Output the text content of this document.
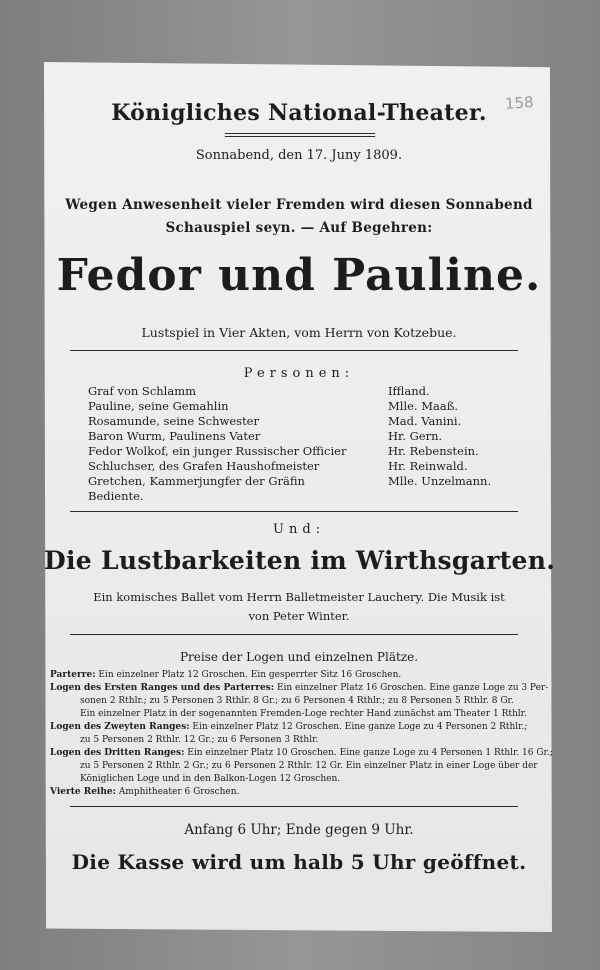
158
Königliches National-Theater.
Sonnabend, den 17. Juny 1809.
Wegen Anwesenheit vieler Fremden wird diesen Sonnabend
Schauspiel seyn. — Auf Begehren:
Fedor und Pauline.
Lustspiel in Vier Akten, vom Herrn von Kotzebue.
Personen:
Graf von Schlamm	Iffland.
Pauline, seine Gemahlin	Mlle. Maaß.
Rosamunde, seine Schwester	Mad. Vanini.
Baron Wurm, Paulinens Vater	Hr. Gern.
Fedor Wolkof, ein junger Russischer Officier	Hr. Rebenstein.
Schluchser, des Grafen Haushofmeister	Hr. Reinwald.
Gretchen, Kammerjungfer der Gräfin	Mlle. Unzelmann.
Bediente.
Und:
Die Lustbarkeiten im Wirthsgarten.
Ein komisches Ballet vom Herrn Balletmeister Lauchery. Die Musik ist
von Peter Winter.
Preise der Logen und einzelnen Plätze.
Parterre: Ein einzelner Platz 12 Groschen. Ein gesperrter Sitz 16 Groschen.
Logen des Ersten Ranges und des Parterres: Ein einzelner Platz 16 Groschen. Eine ganze Loge zu 3 Per-
sonen 2 Rthlr.; zu 5 Personen 3 Rthlr. 8 Gr.; zu 6 Personen 4 Rthlr.; zu 8 Personen 5 Rthlr. 8 Gr.
Ein einzelner Platz in der sogenannten Fremden-Loge rechter Hand zunächst am Theater 1 Rthlr.
Logen des Zweyten Ranges: Ein einzelner Platz 12 Groschen. Eine ganze Loge zu 4 Personen 2 Rthlr.;
zu 5 Personen 2 Rthlr. 12 Gr.; zu 6 Personen 3 Rthlr.
Logen des Dritten Ranges: Ein einzelner Platz 10 Groschen. Eine ganze Loge zu 4 Personen 1 Rthlr. 16 Gr.;
zu 5 Personen 2 Rthlr. 2 Gr.; zu 6 Personen 2 Rthlr. 12 Gr. Ein einzelner Platz in einer Loge über der
Königlichen Loge und in den Balkon-Logen 12 Groschen.
Vierte Reihe: Amphitheater 6 Groschen.
Anfang 6 Uhr; Ende gegen 9 Uhr.
Die Kasse wird um halb 5 Uhr geöffnet.
